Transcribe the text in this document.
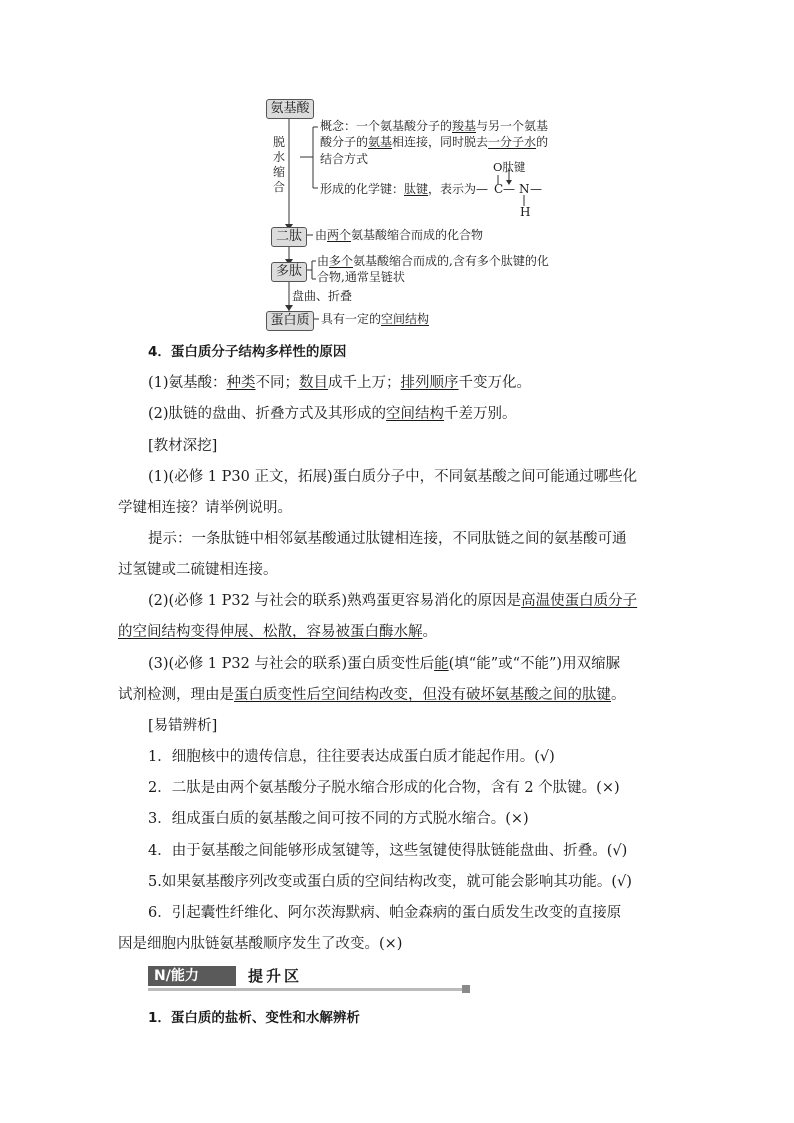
氨基酸
脱
水
缩
合
概念：一个氨基酸分子的羧基与另一个氨基
酸分子的氨基相连接，同时脱去一分子水的
结合方式
O肽键
形成的化学键：肽键，表示为— C — N —
H
二肽	由两个氨基酸缩合而成的化合物
多肽
由多个氨基酸缩合而成的,含有多个肽键的化
合物,通常呈链状
盘曲、折叠
蛋白质 具有一定的空间结构
4．蛋白质分子结构多样性的原因
(1)氨基酸：种类不同；数目成千上万；排列顺序千变万化。
(2)肽链的盘曲、折叠方式及其形成的空间结构千差万别。
[教材深挖]
(1)(必修 1 P30 正文，拓展)蛋白质分子中，不同氨基酸之间可能通过哪些化
学键相连接？请举例说明。
提示：一条肽链中相邻氨基酸通过肽键相连接，不同肽链之间的氨基酸可通
过氢键或二硫键相连接。
(2)(必修 1 P32 与社会的联系)熟鸡蛋更容易消化的原因是高温使蛋白质分子
的空间结构变得伸展、松散，容易被蛋白酶水解。
(3)(必修 1 P32 与社会的联系)蛋白质变性后能(填“能”或“不能”)用双缩脲
试剂检测，理由是蛋白质变性后空间结构改变，但没有破坏氨基酸之间的肽键。
[易错辨析]
1．细胞核中的遗传信息，往往要表达成蛋白质才能起作用。(√)
2．二肽是由两个氨基酸分子脱水缩合形成的化合物，含有 2 个肽键。(×)
3．组成蛋白质的氨基酸之间可按不同的方式脱水缩合。(×)
4．由于氨基酸之间能够形成氢键等，这些氢键使得肽链能盘曲、折叠。(√)
5.如果氨基酸序列改变或蛋白质的空间结构改变，就可能会影响其功能。(√)
6．引起囊性纤维化、阿尔茨海默病、帕金森病的蛋白质发生改变的直接原
因是细胞内肽链氨基酸顺序发生了改变。(×)
N/能力	提升区
1．蛋白质的盐析、变性和水解辨析
